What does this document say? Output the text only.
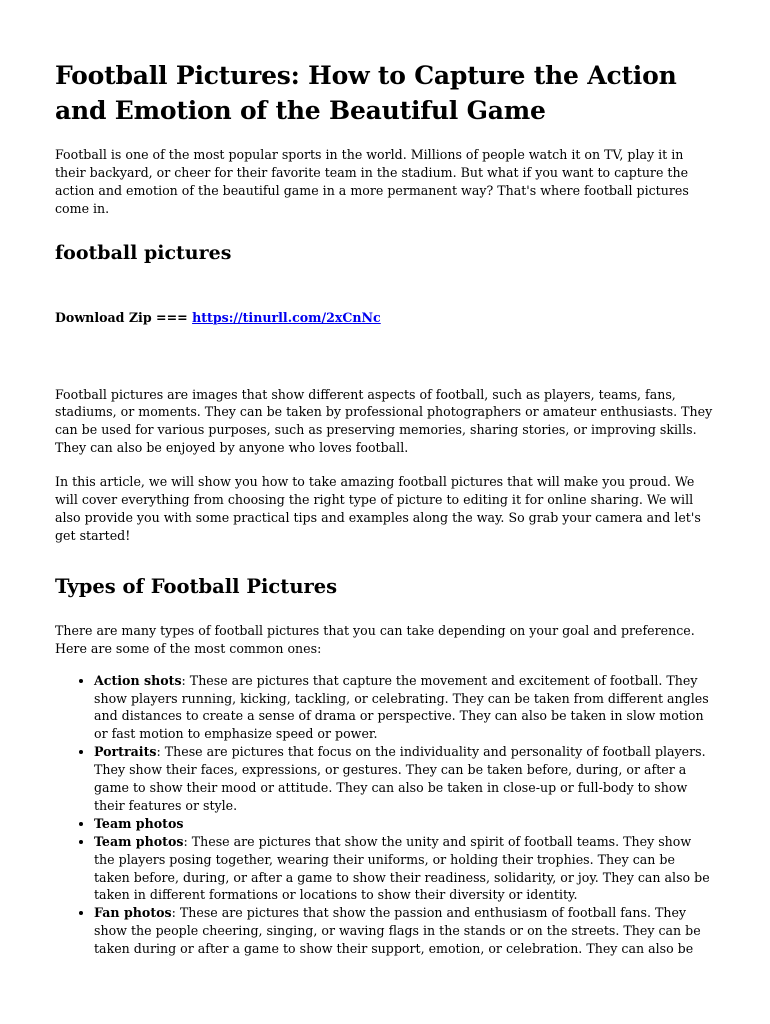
Football Pictures: How to Capture the Action and Emotion of the Beautiful Game

Football is one of the most popular sports in the world. Millions of people watch it on TV, play it in their backyard, or cheer for their favorite team in the stadium. But what if you want to capture the action and emotion of the beautiful game in a more permanent way? That's where football pictures come in.

football pictures
Download Zip === https://tinurll.com/2xCnNc

Football pictures are images that show different aspects of football, such as players, teams, fans, stadiums, or moments. They can be taken by professional photographers or amateur enthusiasts. They can be used for various purposes, such as preserving memories, sharing stories, or improving skills. They can also be enjoyed by anyone who loves football.

In this article, we will show you how to take amazing football pictures that will make you proud. We will cover everything from choosing the right type of picture to editing it for online sharing. We will also provide you with some practical tips and examples along the way. So grab your camera and let's get started!

Types of Football Pictures

There are many types of football pictures that you can take depending on your goal and preference. Here are some of the most common ones:

• Action shots: These are pictures that capture the movement and excitement of football. They show players running, kicking, tackling, or celebrating. They can be taken from different angles and distances to create a sense of drama or perspective. They can also be taken in slow motion or fast motion to emphasize speed or power.
• Portraits: These are pictures that focus on the individuality and personality of football players. They show their faces, expressions, or gestures. They can be taken before, during, or after a game to show their mood or attitude. They can also be taken in close-up or full-body to show their features or style.
• Team photos
• Team photos: These are pictures that show the unity and spirit of football teams. They show the players posing together, wearing their uniforms, or holding their trophies. They can be taken before, during, or after a game to show their readiness, solidarity, or joy. They can also be taken in different formations or locations to show their diversity or identity.
• Fan photos: These are pictures that show the passion and enthusiasm of football fans. They show the people cheering, singing, or waving flags in the stands or on the streets. They can be taken during or after a game to show their support, emotion, or celebration. They can also be
